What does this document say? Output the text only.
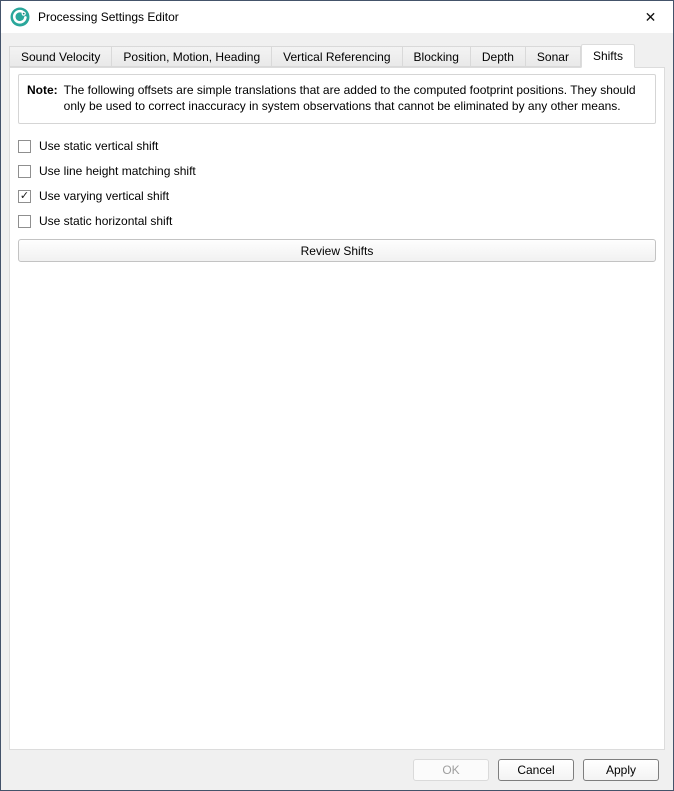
Processing Settings Editor	✕
Sound Velocity	Position, Motion, Heading	Vertical Referencing	Blocking	Depth	Sonar	Shifts
Note: The following offsets are simple translations that are added to the computed footprint positions. They should only be used to correct inaccuracy in system observations that cannot be eliminated by any other means.
Use static vertical shift
Use line height matching shift
✓ Use varying vertical shift
Use static horizontal shift
Review Shifts
OK	Cancel	Apply
